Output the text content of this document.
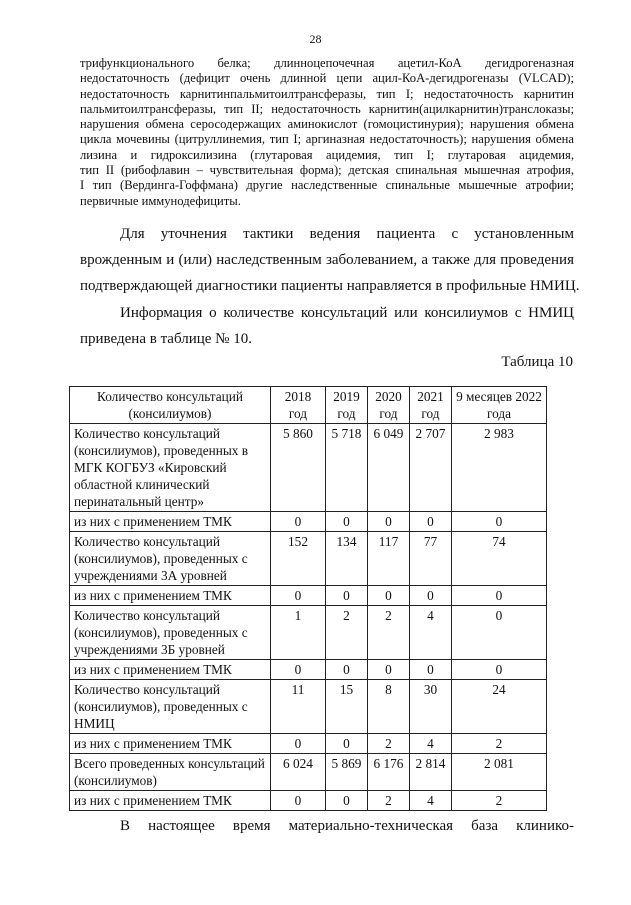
28
трифункционального белка; длинноцепочечная ацетил-КоА дегидрогеназная
недостаточность (дефицит очень длинной цепи ацил-КоА-дегидрогеназы (VLCAD);
недостаточность карнитинпальмитоилтрансферазы, тип I; недостаточность карнитин
пальмитоилтрансферазы, тип II; недостаточность карнитин(ацилкарнитин)транслоказы;
нарушения обмена серосодержащих аминокислот (гомоцистинурия); нарушения обмена
цикла мочевины (цитруллинемия, тип I; аргиназная недостаточность); нарушения обмена
лизина и гидроксилизина (глутаровая ацидемия, тип I; глутаровая ацидемия,
тип II (рибофлавин – чувствительная форма); детская спинальная мышечная атрофия,
I тип (Вердинга-Гоффмана) другие наследственные спинальные мышечные атрофии;
первичные иммунодефициты.
Для уточнения тактики ведения пациента с установленным
врожденным и (или) наследственным заболеванием, а также для проведения
подтверждающей диагностики пациенты направляется в профильные НМИЦ.
Информация о количестве консультаций или консилиумов с НМИЦ
приведена в таблице № 10.
Таблица 10
Количество консультаций (консилиумов)	2018 год	2019 год	2020 год	2021 год	9 месяцев 2022 года
Количество консультаций (консилиумов), проведенных в МГК КОГБУЗ «Кировский областной клинический перинатальный центр»	5 860	5 718	6 049	2 707	2 983
из них с применением ТМК	0	0	0	0	0
Количество консультаций (консилиумов), проведенных с учреждениями 3А уровней	152	134	117	77	74
из них с применением ТМК	0	0	0	0	0
Количество консультаций (консилиумов), проведенных с учреждениями 3Б уровней	1	2	2	4	0
из них с применением ТМК	0	0	0	0	0
Количество консультаций (консилиумов), проведенных с НМИЦ	11	15	8	30	24
из них с применением ТМК	0	0	2	4	2
Всего проведенных консультаций (консилиумов)	6 024	5 869	6 176	2 814	2 081
из них с применением ТМК	0	0	2	4	2
В настоящее время материально-техническая база клинико-
